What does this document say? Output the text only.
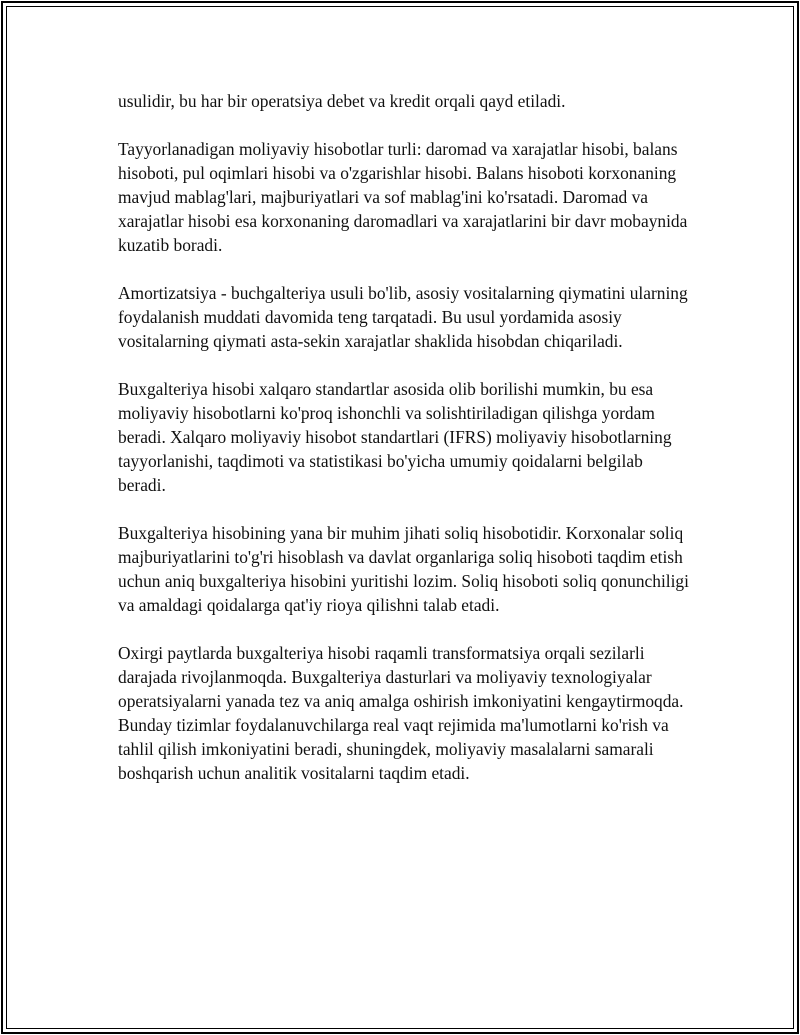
usulidir, bu har bir operatsiya debet va kredit orqali qayd etiladi.

Tayyorlanadigan moliyaviy hisobotlar turli: daromad va xarajatlar hisobi, balans hisoboti, pul oqimlari hisobi va o'zgarishlar hisobi. Balans hisoboti korxonaning mavjud mablag'lari, majburiyatlari va sof mablag'ini ko'rsatadi. Daromad va xarajatlar hisobi esa korxonaning daromadlari va xarajatlarini bir davr mobaynida kuzatib boradi.

Amortizatsiya - buchgalteriya usuli bo'lib, asosiy vositalarning qiymatini ularning foydalanish muddati davomida teng tarqatadi. Bu usul yordamida asosiy vositalarning qiymati asta-sekin xarajatlar shaklida hisobdan chiqariladi.

Buxgalteriya hisobi xalqaro standartlar asosida olib borilishi mumkin, bu esa moliyaviy hisobotlarni ko'proq ishonchli va solishtiriladigan qilishga yordam beradi. Xalqaro moliyaviy hisobot standartlari (IFRS) moliyaviy hisobotlarning tayyorlanishi, taqdimoti va statistikasi bo'yicha umumiy qoidalarni belgilab beradi.

Buxgalteriya hisobining yana bir muhim jihati soliq hisobotidir. Korxonalar soliq majburiyatlarini to'g'ri hisoblash va davlat organlariga soliq hisoboti taqdim etish uchun aniq buxgalteriya hisobini yuritishi lozim. Soliq hisoboti soliq qonunchiligi va amaldagi qoidalarga qat'iy rioya qilishni talab etadi.

Oxirgi paytlarda buxgalteriya hisobi raqamli transformatsiya orqali sezilarli darajada rivojlanmoqda. Buxgalteriya dasturlari va moliyaviy texnologiyalar operatsiyalarni yanada tez va aniq amalga oshirish imkoniyatini kengaytirmoqda. Bunday tizimlar foydalanuvchilarga real vaqt rejimida ma'lumotlarni ko'rish va tahlil qilish imkoniyatini beradi, shuningdek, moliyaviy masalalarni samarali boshqarish uchun analitik vositalarni taqdim etadi.
